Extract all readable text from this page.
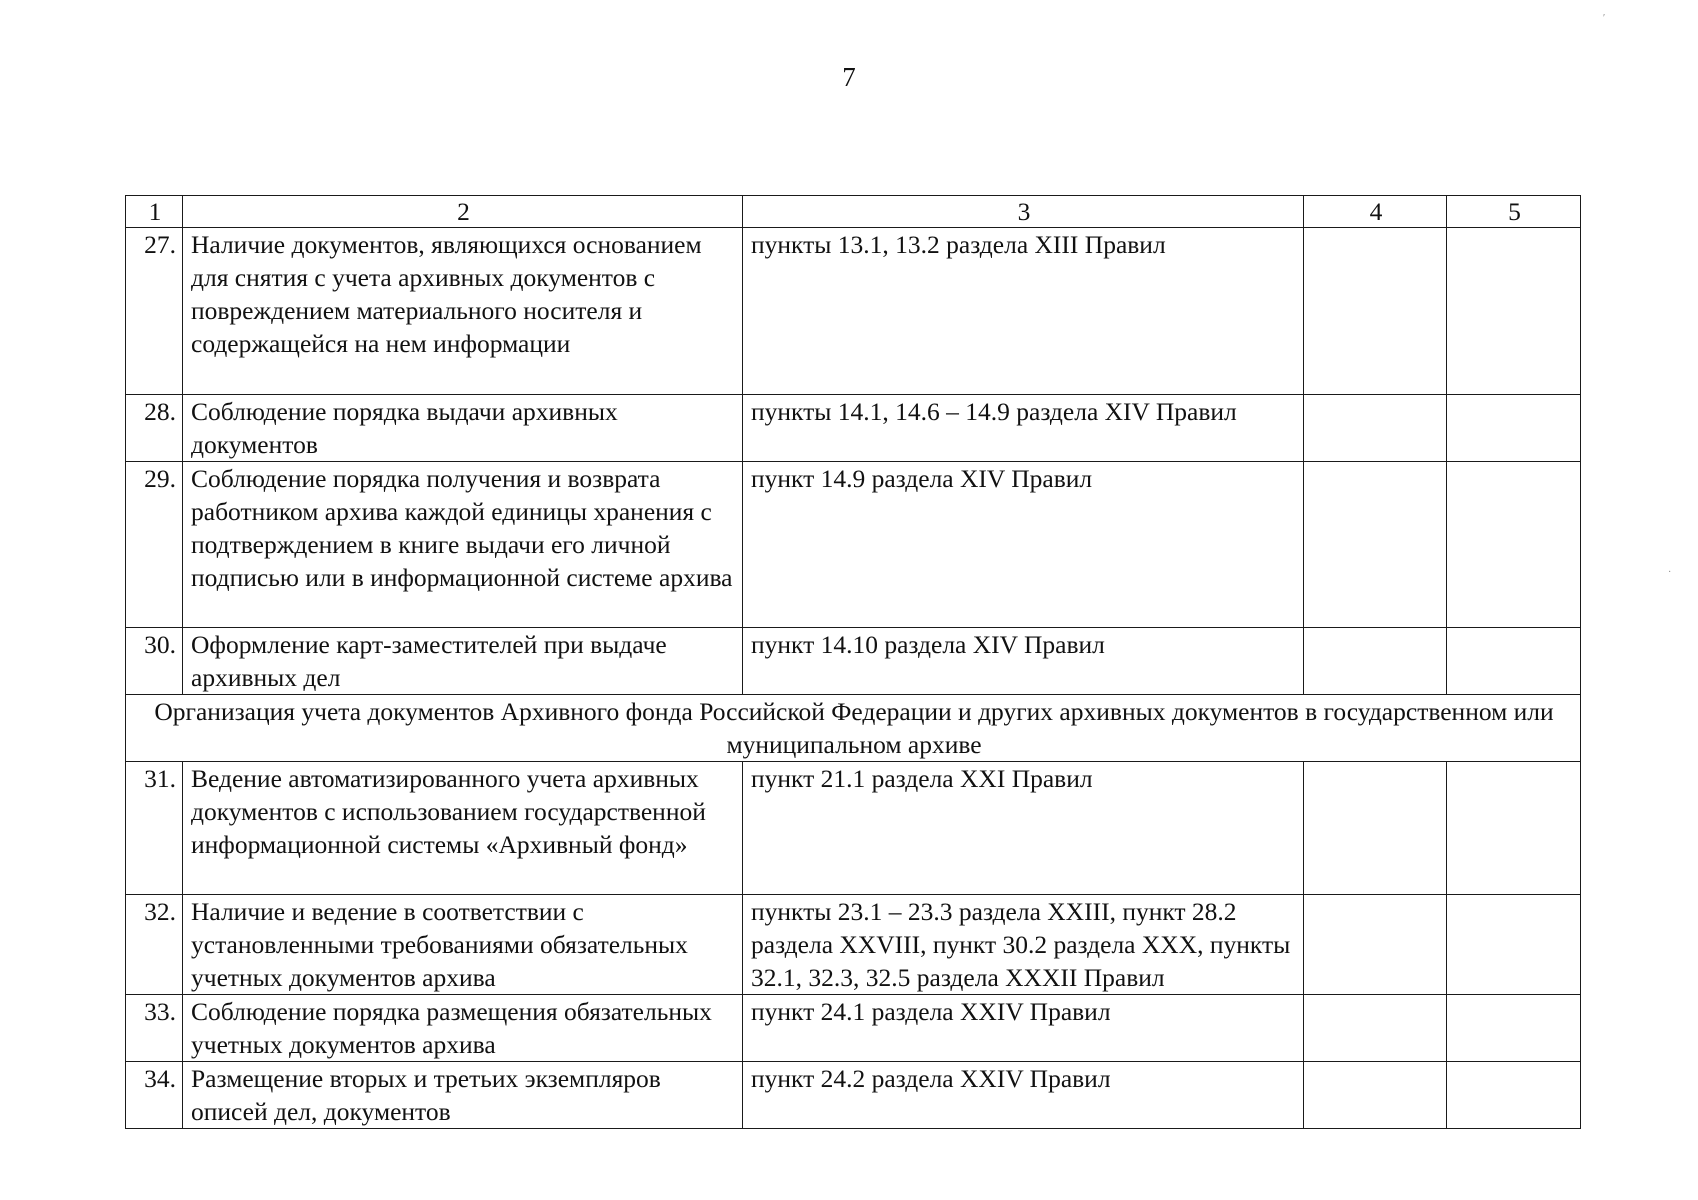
7
1	2	3	4	5
27.	Наличие документов, являющихся основанием для снятия с учета архивных документов с повреждением материального носителя и содержащейся на нем информации	пункты 13.1, 13.2 раздела XIII Правил		
28.	Соблюдение порядка выдачи архивных документов	пункты 14.1, 14.6 – 14.9 раздела XIV Правил		
29.	Соблюдение порядка получения и возврата работником архива каждой единицы хранения с подтверждением в книге выдачи его личной подписью или в информационной системе архива	пункт 14.9 раздела XIV Правил		
30.	Оформление карт-заместителей при выдаче архивных дел	пункт 14.10 раздела XIV Правил		
Организация учета документов Архивного фонда Российской Федерации и других архивных документов в государственном или муниципальном архиве				
31.	Ведение автоматизированного учета архивных документов с использованием государственной информационной системы «Архивный фонд»	пункт 21.1 раздела XXI Правил		
32.	Наличие и ведение в соответствии с установленными требованиями обязательных учетных документов архива	пункты 23.1 – 23.3 раздела XXIII, пункт 28.2 раздела XXVIII, пункт 30.2 раздела XXX, пункты 32.1, 32.3, 32.5 раздела XXXII Правил		
33.	Соблюдение порядка размещения обязательных учетных документов архива	пункт 24.1 раздела XXIV Правил		
34.	Размещение вторых и третьих экземпляров описей дел, документов	пункт 24.2 раздела XXIV Правил		
′
·
